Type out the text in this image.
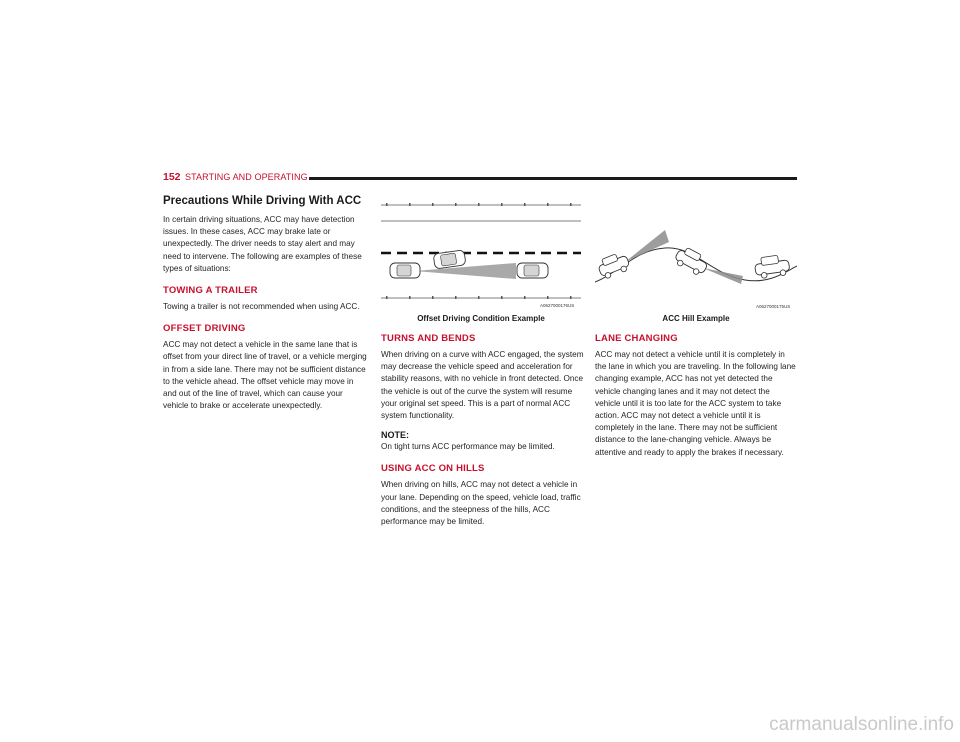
152 STARTING AND OPERATING
Precautions While Driving With ACC

In certain driving situations, ACC may have detection issues. In these cases, ACC may brake late or unexpectedly. The driver needs to stay alert and may need to intervene. The following are examples of these types of situations:

TOWING A TRAILER

Towing a trailer is not recommended when using ACC.

OFFSET DRIVING

ACC may not detect a vehicle in the same lane that is offset from your direct line of travel, or a vehicle merging in from a side lane. There may not be sufficient distance to the vehicle ahead. The offset vehicle may move in and out of the line of travel, which can cause your vehicle to brake or accelerate unexpectedly.

A0627000176US
Offset Driving Condition Example
TURNS AND BENDS

When driving on a curve with ACC engaged, the system may decrease the vehicle speed and acceleration for stability reasons, with no vehicle in front detected. Once the vehicle is out of the curve the system will resume your original set speed. This is a part of normal ACC system functionality.

NOTE:

On tight turns ACC performance may be limited.

USING ACC ON HILLS

When driving on hills, ACC may not detect a vehicle in your lane. Depending on the speed, vehicle load, traffic conditions, and the steepness of the hills, ACC performance may be limited.

A0627000175US
ACC Hill Example
LANE CHANGING

ACC may not detect a vehicle until it is completely in the lane in which you are traveling. In the following lane changing example, ACC has not yet detected the vehicle changing lanes and it may not detect the vehicle until it is too late for the ACC system to take action. ACC may not detect a vehicle until it is completely in the lane. There may not be sufficient distance to the lane-changing vehicle. Always be attentive and ready to apply the brakes if necessary.

carmanualsonline.info
